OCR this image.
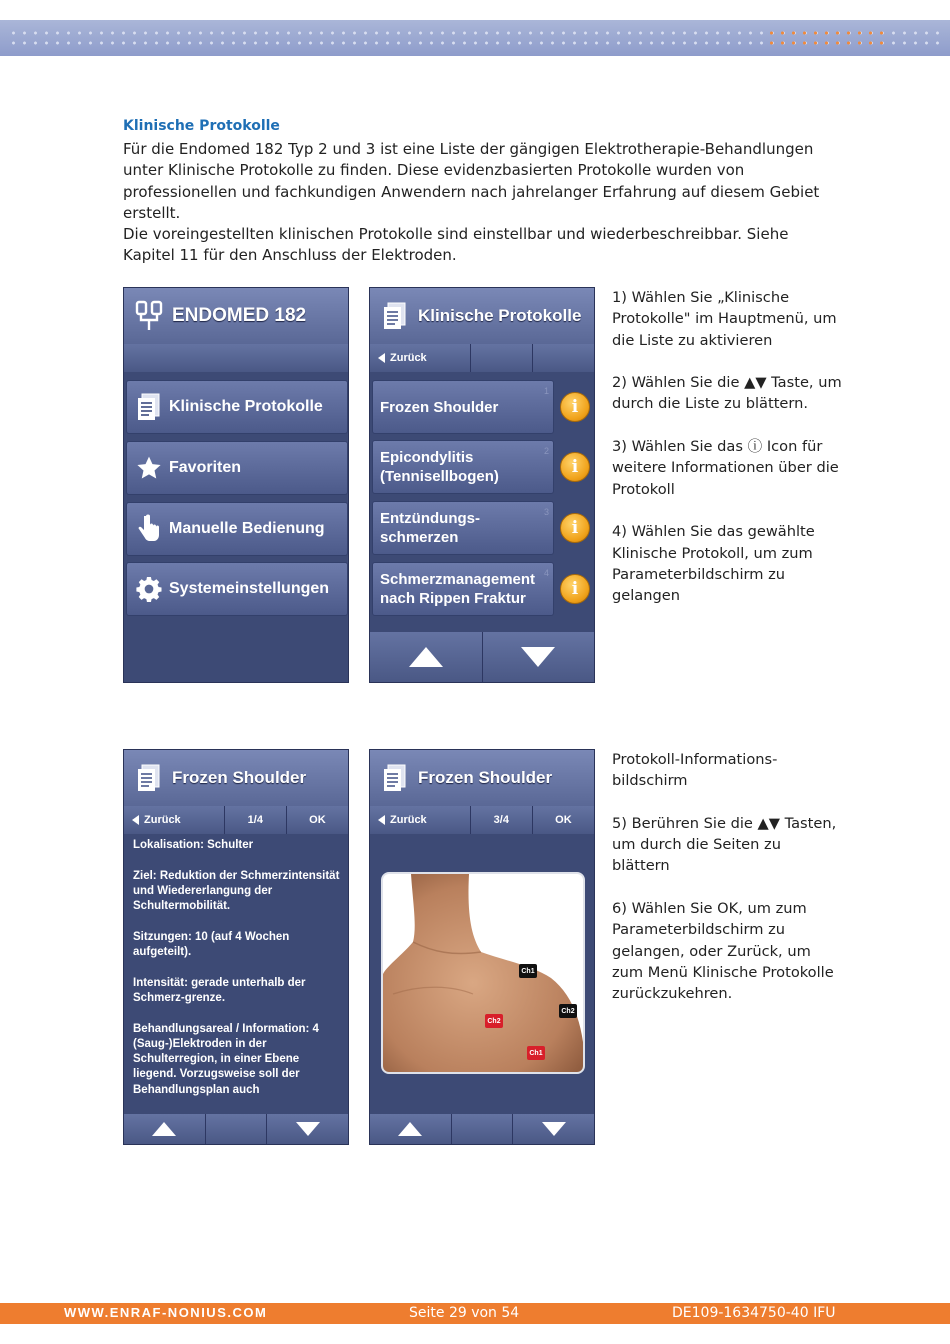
Klinische Protokolle
Für die Endomed 182 Typ 2 und 3 ist eine Liste der gängigen Elektrotherapie-Behandlungen unter Klinische Protokolle zu finden. Diese evidenzbasierten Protokolle wurden von professionellen und fachkundigen Anwendern nach jahrelanger Erfahrung auf diesem Gebiet erstellt.
Die voreingestellten klinischen Protokolle sind einstellbar und wiederbeschreibbar. Siehe Kapitel 11 für den Anschluss der Elektroden.
1) Wählen Sie „Klinische Protokolle" im Hauptmenü, um die Liste zu aktivieren
2) Wählen Sie die ▲▼ Taste, um durch die Liste zu blättern.
3) Wählen Sie das ⓘ Icon für weitere Informationen über die Protokoll
4) Wählen Sie das gewählte Klinische Protokoll, um zum Parameterbildschirm zu gelangen
Protokoll-Informations-bildschirm
5) Berühren Sie die ▲▼ Tasten, um durch die Seiten zu blättern
6) Wählen Sie OK, um zum Parameterbildschirm zu gelangen, oder Zurück, um zum Menü Klinische Protokolle zurückzukehren.
ENDOMED 182
Klinische Protokolle
Favoriten
Manuelle Bedienung
Systemeinstellungen
Klinische Protokolle
Zurück
1
Frozen Shoulder	i
2
Epicondylitis
(Tennisellbogen)	i
3
Entzündungs-
schmerzen	i
4
Schmerzmanagement
nach Rippen Fraktur	i
Frozen Shoulder
Zurück	1/4	OK
Lokalisation: Schulter
Ziel: Reduktion der Schmerzintensität und Wiedererlangung der Schultermobilität.
Sitzungen: 10 (auf 4 Wochen aufgeteilt).
Intensität: gerade unterhalb der Schmerz-grenze.
Behandlungsareal / Information: 4 (Saug-)Elektroden in der Schulterregion, in einer Ebene liegend. Vorzugsweise soll der Behandlungsplan auch
Frozen Shoulder
Zurück	3/4	OK
Ch1
Ch2
Ch2
Ch1
WWW.ENRAF-NONIUS.COM	Seite 29 von 54	DE109-1634750-40 IFU
